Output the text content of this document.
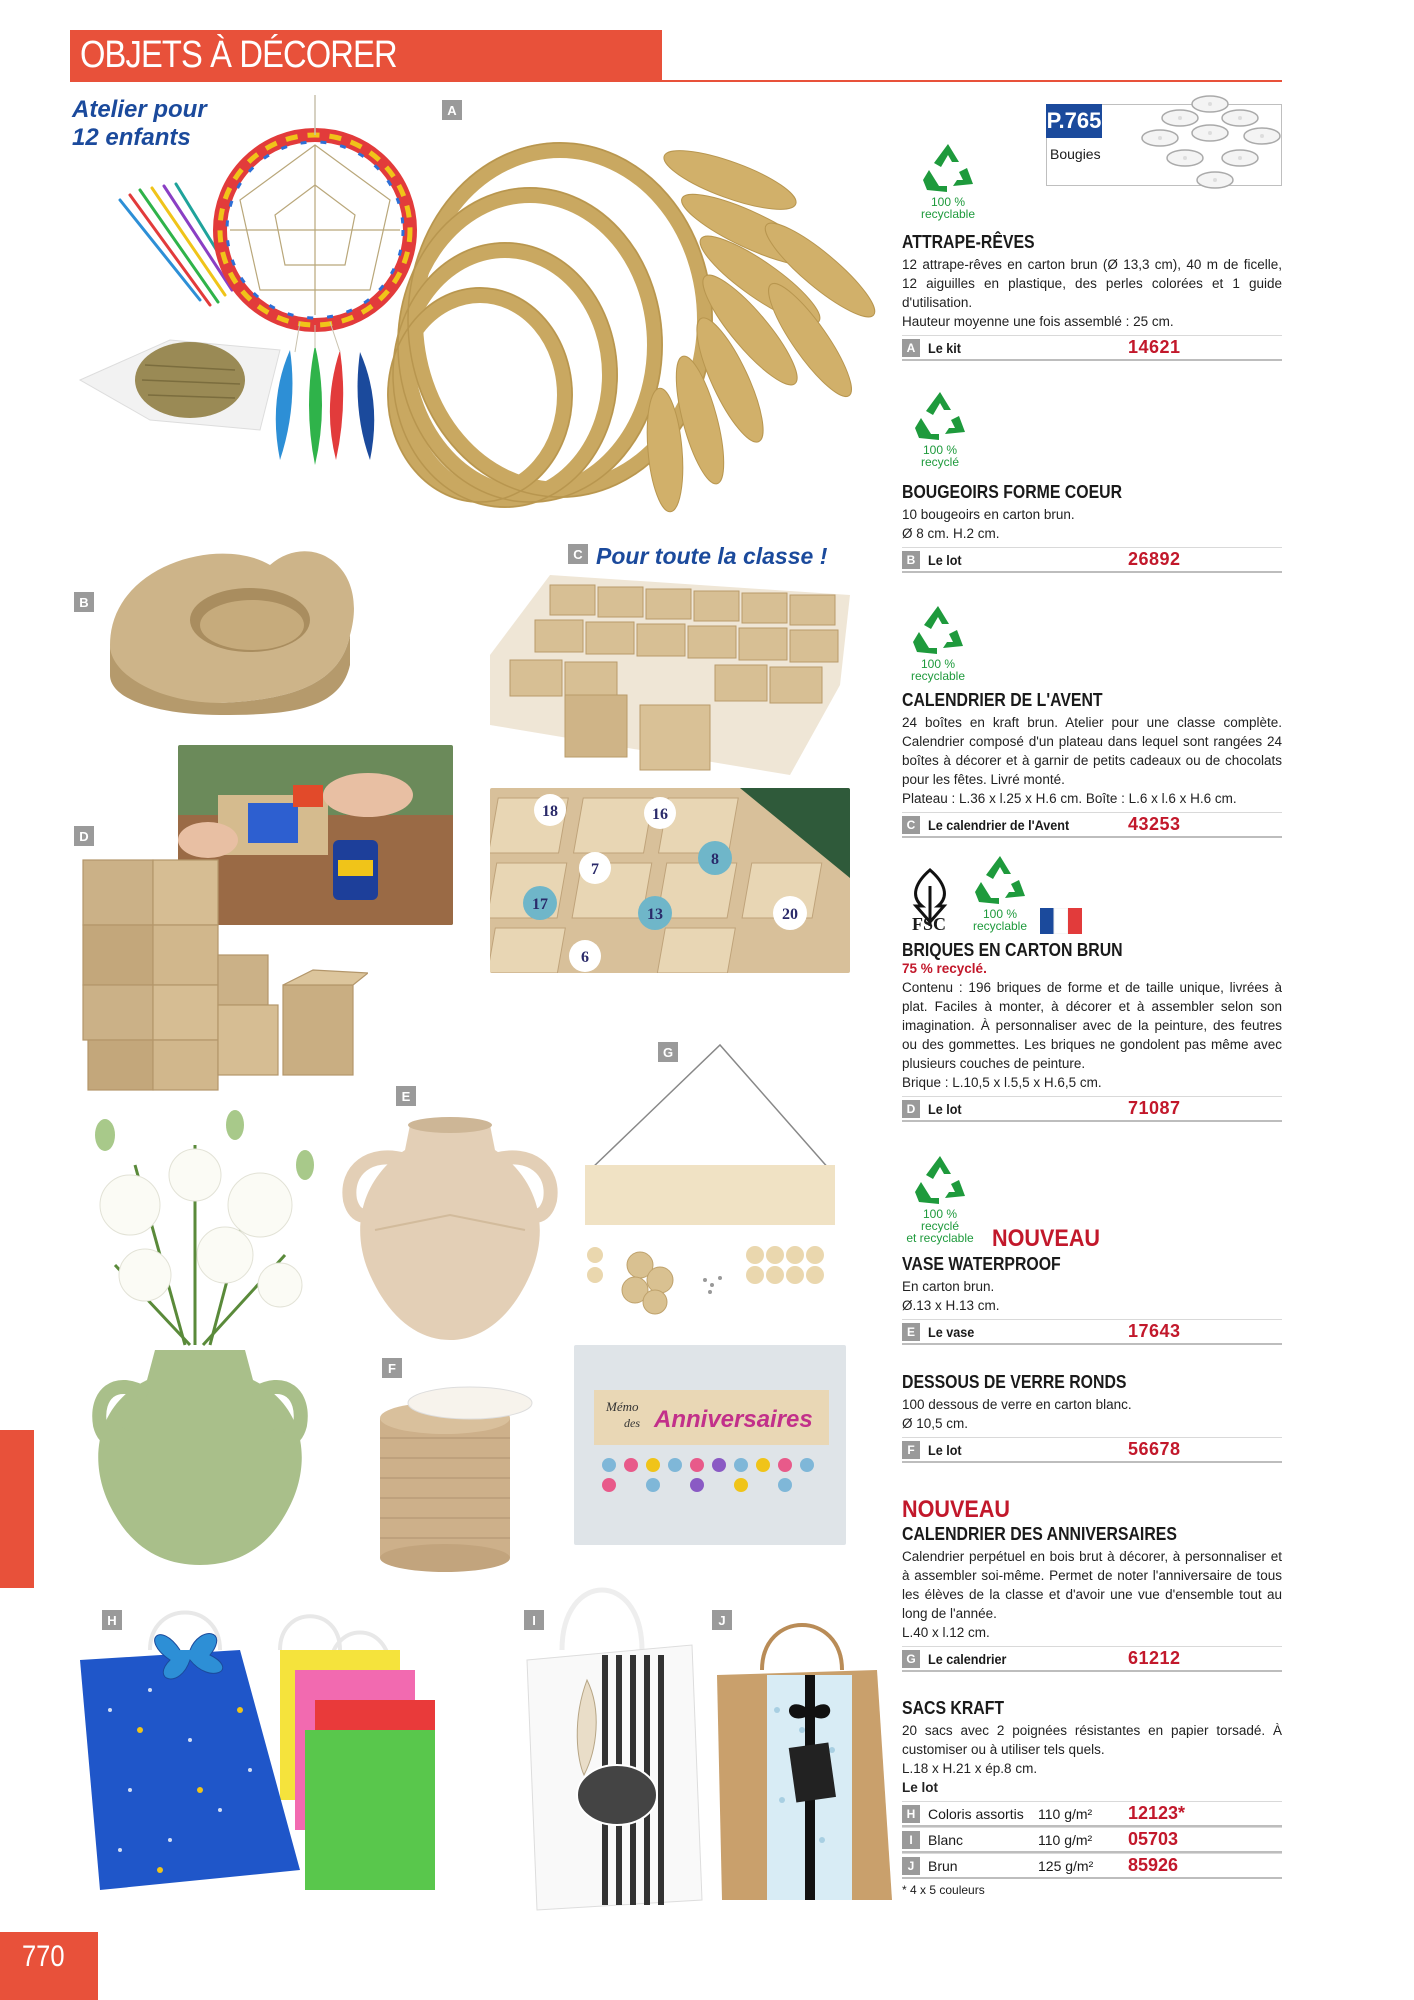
OBJETS À DÉCORER
770
Atelier pour
12 enfants
C Pour toute la classe !
A
B
18	16
7
8
17
13	20
6
D
E
F
G
Mémo
des Anniversaires
H	I	J
P.765
Bougies
100 %
recyclable
100 %
recyclé
100 %
recyclable
FSC	100 %
recyclable
100 %
recyclé
et recyclable
ATTRAPE-RÊVES
12 attrape-rêves en carton brun (Ø 13,3 cm), 40 m de ficelle, 12 aiguilles en plastique, des perles colorées et 1 guide d'utilisation.
Hauteur moyenne une fois assemblé : 25 cm.
A Le kit	14621
BOUGEOIRS FORME COEUR
10 bougeoirs en carton brun.
Ø 8 cm. H.2 cm.
B Le lot	26892
CALENDRIER DE L'AVENT
24 boîtes en kraft brun. Atelier pour une classe complète. Calendrier composé d'un plateau dans lequel sont rangées 24 boîtes à décorer et à garnir de petits cadeaux ou de chocolats pour les fêtes. Livré monté.
Plateau : L.36 x l.25 x H.6 cm. Boîte : L.6 x l.6 x H.6 cm.
C Le calendrier de l'Avent	43253
BRIQUES EN CARTON BRUN
75 % recyclé.
Contenu : 196 briques de forme et de taille unique, livrées à plat. Faciles à monter, à décorer et à assembler selon son imagination. À personnaliser avec de la peinture, des feutres ou des gommettes. Les briques ne gondolent pas même avec plusieurs couches de peinture.
Brique : L.10,5 x l.5,5 x H.6,5 cm.
D Le lot	71087
NOUVEAU
VASE WATERPROOF
En carton brun.
Ø.13 x H.13 cm.
E Le vase	17643
DESSOUS DE VERRE RONDS
100 dessous de verre en carton blanc.
Ø 10,5 cm.
F Le lot	56678
NOUVEAU
CALENDRIER DES ANNIVERSAIRES
Calendrier perpétuel en bois brut à décorer, à personnaliser et à assembler soi-même. Permet de noter l'anniversaire de tous les élèves de la classe et d'avoir une vue d'ensemble tout au long de l'année.
L.40 x l.12 cm.
G Le calendrier	61212
SACS KRAFT
20 sacs avec 2 poignées résistantes en papier torsadé. À customiser ou à utiliser tels quels.
L.18 x H.21 x ép.8 cm.
Le lot
H Coloris assortis	110 g/m²	12123*
I	Blanc	110 g/m²	05703
J Brun	125 g/m²	85926
* 4 x 5 couleurs
